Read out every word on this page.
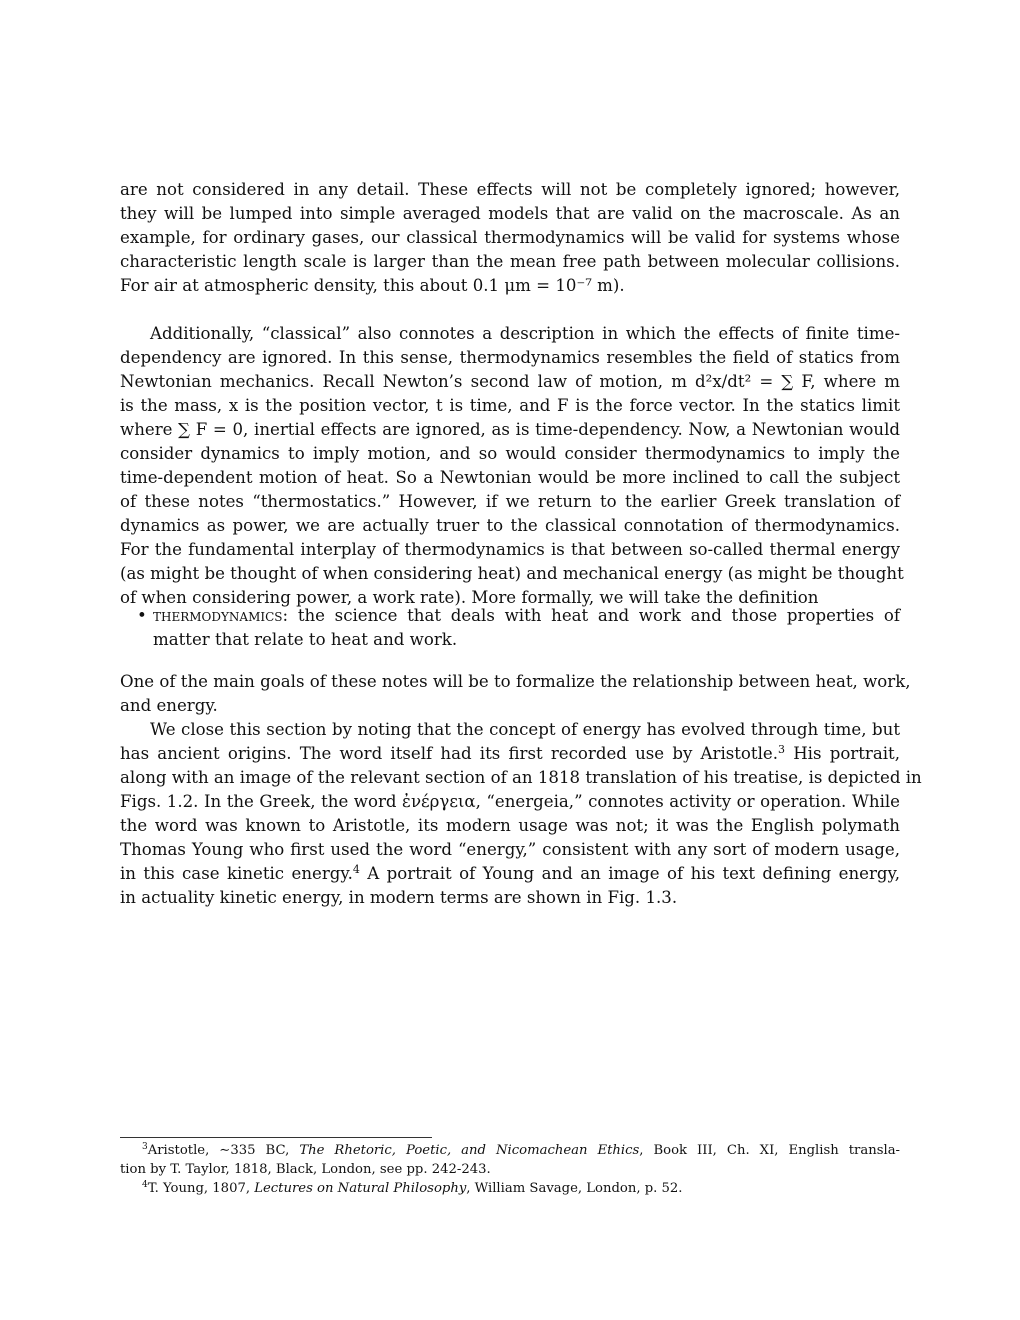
are not considered in any detail. These effects will not be completely ignored; however,
they will be lumped into simple averaged models that are valid on the macroscale. As an
example, for ordinary gases, our classical thermodynamics will be valid for systems whose
characteristic length scale is larger than the mean free path between molecular collisions.
For air at atmospheric density, this about 0.1 μm = 10⁻⁷ m).
Additionally, “classical” also connotes a description in which the effects of finite time-
dependency are ignored. In this sense, thermodynamics resembles the field of statics from
Newtonian mechanics. Recall Newton’s second law of motion, m d²x/dt² = ∑ F, where m
is the mass, x is the position vector, t is time, and F is the force vector. In the statics limit
where ∑ F = 0, inertial effects are ignored, as is time-dependency. Now, a Newtonian would
consider dynamics to imply motion, and so would consider thermodynamics to imply the
time-dependent motion of heat. So a Newtonian would be more inclined to call the subject
of these notes “thermostatics.” However, if we return to the earlier Greek translation of
dynamics as power, we are actually truer to the classical connotation of thermodynamics.
For the fundamental interplay of thermodynamics is that between so-called thermal energy
(as might be thought of when considering heat) and mechanical energy (as might be thought
of when considering power, a work rate). More formally, we will take the definition
• thermodynamics: the science that deals with heat and work and those properties of
matter that relate to heat and work.
One of the main goals of these notes will be to formalize the relationship between heat, work,
and energy.
We close this section by noting that the concept of energy has evolved through time, but
has ancient origins. The word itself had its first recorded use by Aristotle.$^3$ His portrait,
along with an image of the relevant section of an 1818 translation of his treatise, is depicted in
Figs. 1.2. In the Greek, the word ἐνέργεια, “energeia,” connotes activity or operation. While
the word was known to Aristotle, its modern usage was not; it was the English polymath
Thomas Young who first used the word “energy,” consistent with any sort of modern usage,
in this case kinetic energy.$^4$ A portrait of Young and an image of his text defining energy,
in actuality kinetic energy, in modern terms are shown in Fig. 1.3.
$^3$Aristotle, ∼335 BC, The Rhetoric, Poetic, and Nicomachean Ethics, Book III, Ch. XI, English transla-
tion by T. Taylor, 1818, Black, London, see pp. 242-243.
$^4$T. Young, 1807, Lectures on Natural Philosophy, William Savage, London, p. 52.
